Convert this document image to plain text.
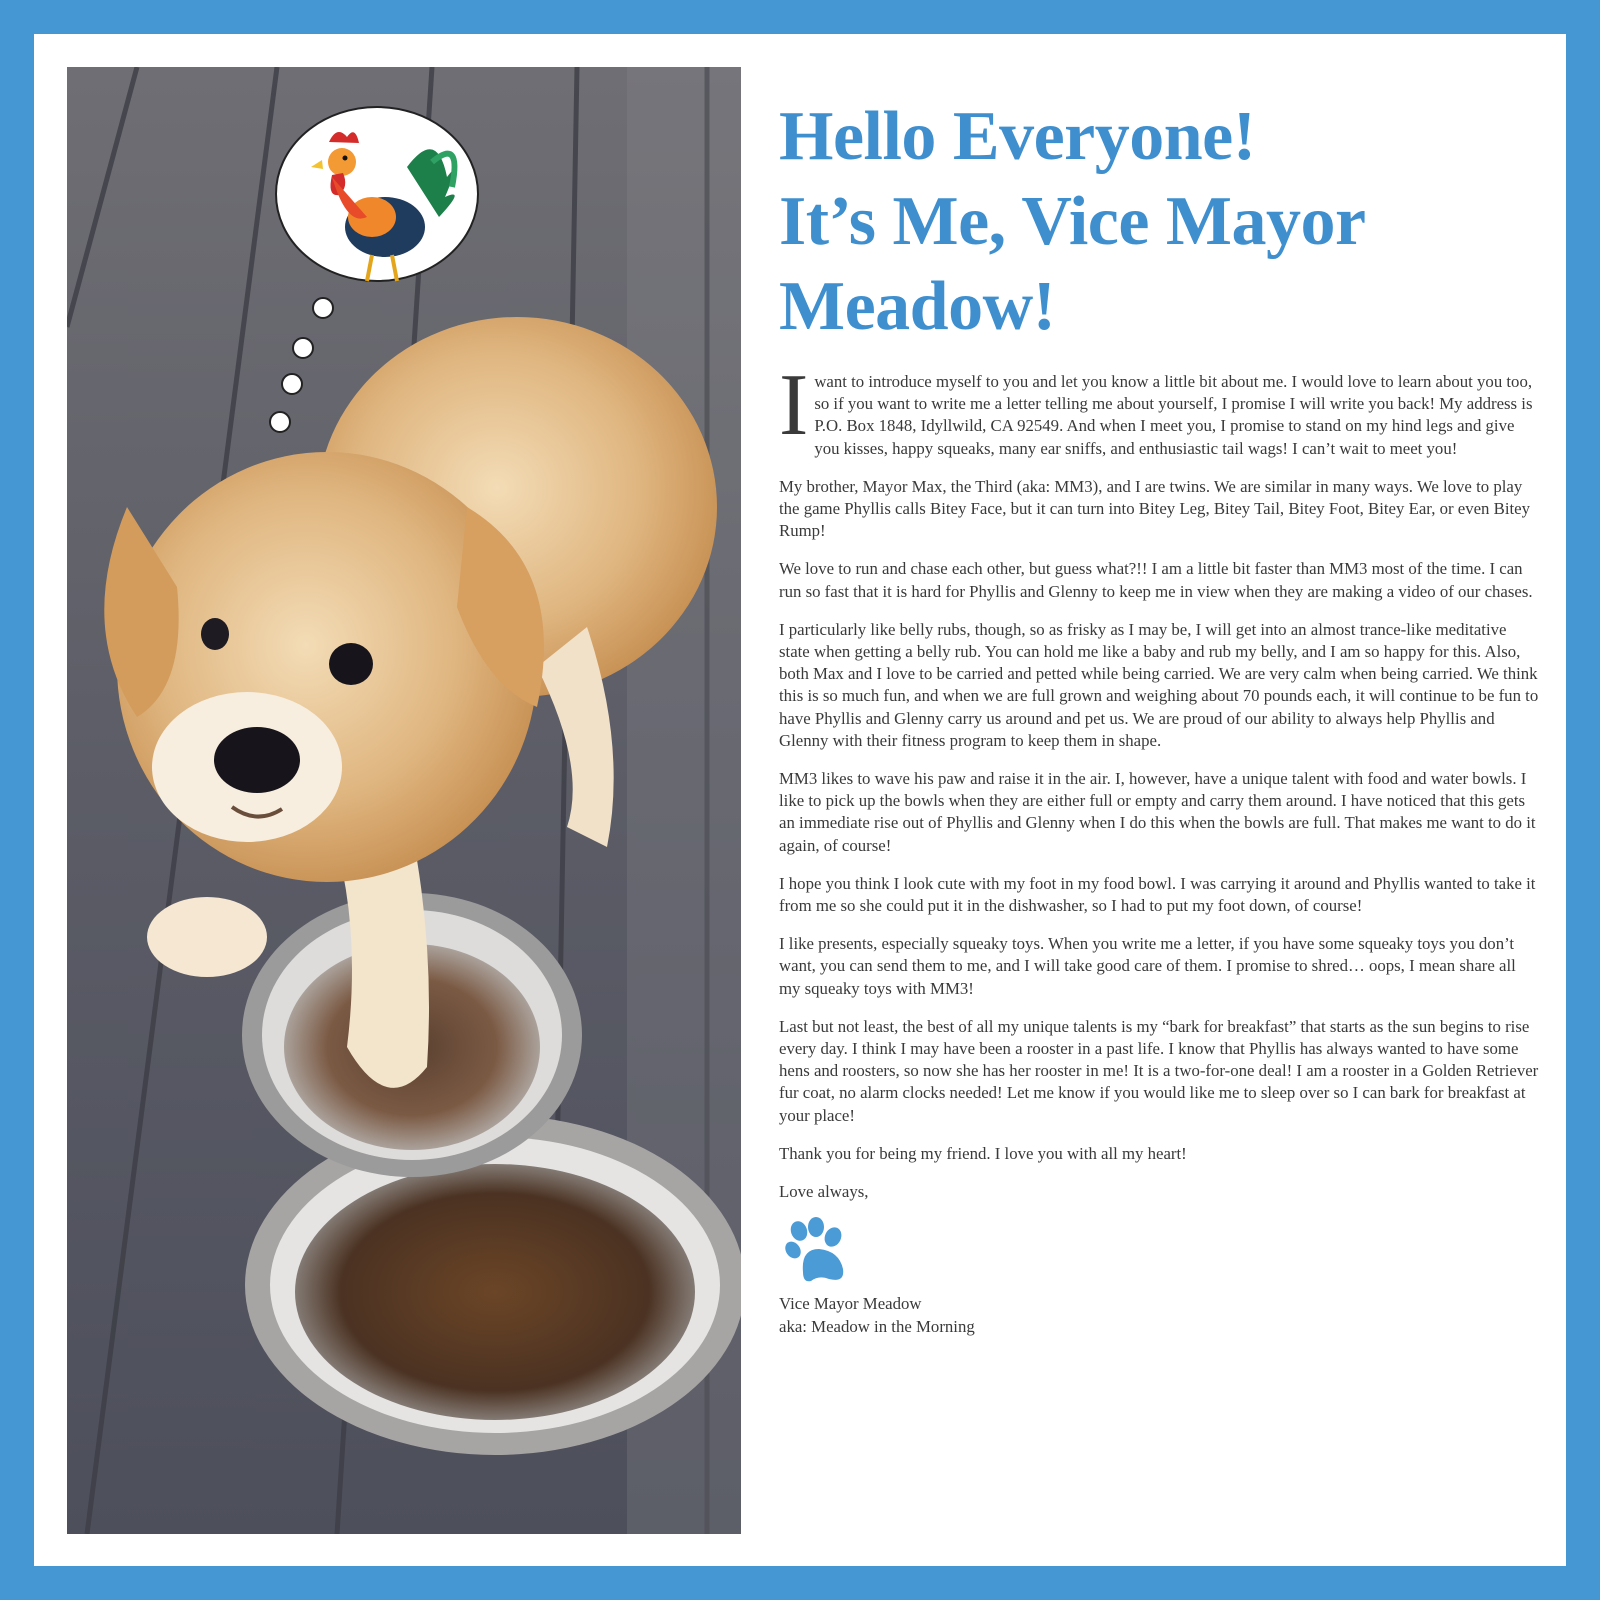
Hello Everyone!
It’s Me, Vice Mayor
Meadow!

Iwant to introduce myself to you and let you know a little bit about me. I would love to learn about you too, so if you want to write me a letter telling me about yourself, I promise I will write you back! My address is P.O. Box 1848, Idyllwild, CA 92549. And when I meet you, I promise to stand on my hind legs and give you kisses, happy squeaks, many ear sniffs, and enthusiastic tail wags! I can’t wait to meet you!

My brother, Mayor Max, the Third (aka: MM3), and I are twins. We are similar in many ways. We love to play the game Phyllis calls Bitey Face, but it can turn into Bitey Leg, Bitey Tail, Bitey Foot, Bitey Ear, or even Bitey Rump!

We love to run and chase each other, but guess what?!! I am a little bit faster than MM3 most of the time. I can run so fast that it is hard for Phyllis and Glenny to keep me in view when they are making a video of our chases.

I particularly like belly rubs, though, so as frisky as I may be, I will get into an almost trance-like meditative state when getting a belly rub. You can hold me like a baby and rub my belly, and I am so happy for this. Also, both Max and I love to be carried and petted while being carried. We are very calm when being carried. We think this is so much fun, and when we are full grown and weighing about 70 pounds each, it will continue to be fun to have Phyllis and Glenny carry us around and pet us. We are proud of our ability to always help Phyllis and Glenny with their fitness program to keep them in shape.

MM3 likes to wave his paw and raise it in the air. I, however, have a unique talent with food and water bowls. I like to pick up the bowls when they are either full or empty and carry them around. I have noticed that this gets an immediate rise out of Phyllis and Glenny when I do this when the bowls are full. That makes me want to do it again, of course!

I hope you think I look cute with my foot in my food bowl. I was carrying it around and Phyllis wanted to take it from me so she could put it in the dishwasher, so I had to put my foot down, of course!

I like presents, especially squeaky toys. When you write me a letter, if you have some squeaky toys you don’t want, you can send them to me, and I will take good care of them. I promise to shred… oops, I mean share all my squeaky toys with MM3!

Last but not least, the best of all my unique talents is my “bark for breakfast” that starts as the sun begins to rise every day. I think I may have been a rooster in a past life. I know that Phyllis has always wanted to have some hens and roosters, so now she has her rooster in me! It is a two-for-one deal! I am a rooster in a Golden Retriever fur coat, no alarm clocks needed! Let me know if you would like me to sleep over so I can bark for breakfast at your place!

Thank you for being my friend. I love you with all my heart!

Love always,

Vice Mayor Meadow

aka: Meadow in the Morning
